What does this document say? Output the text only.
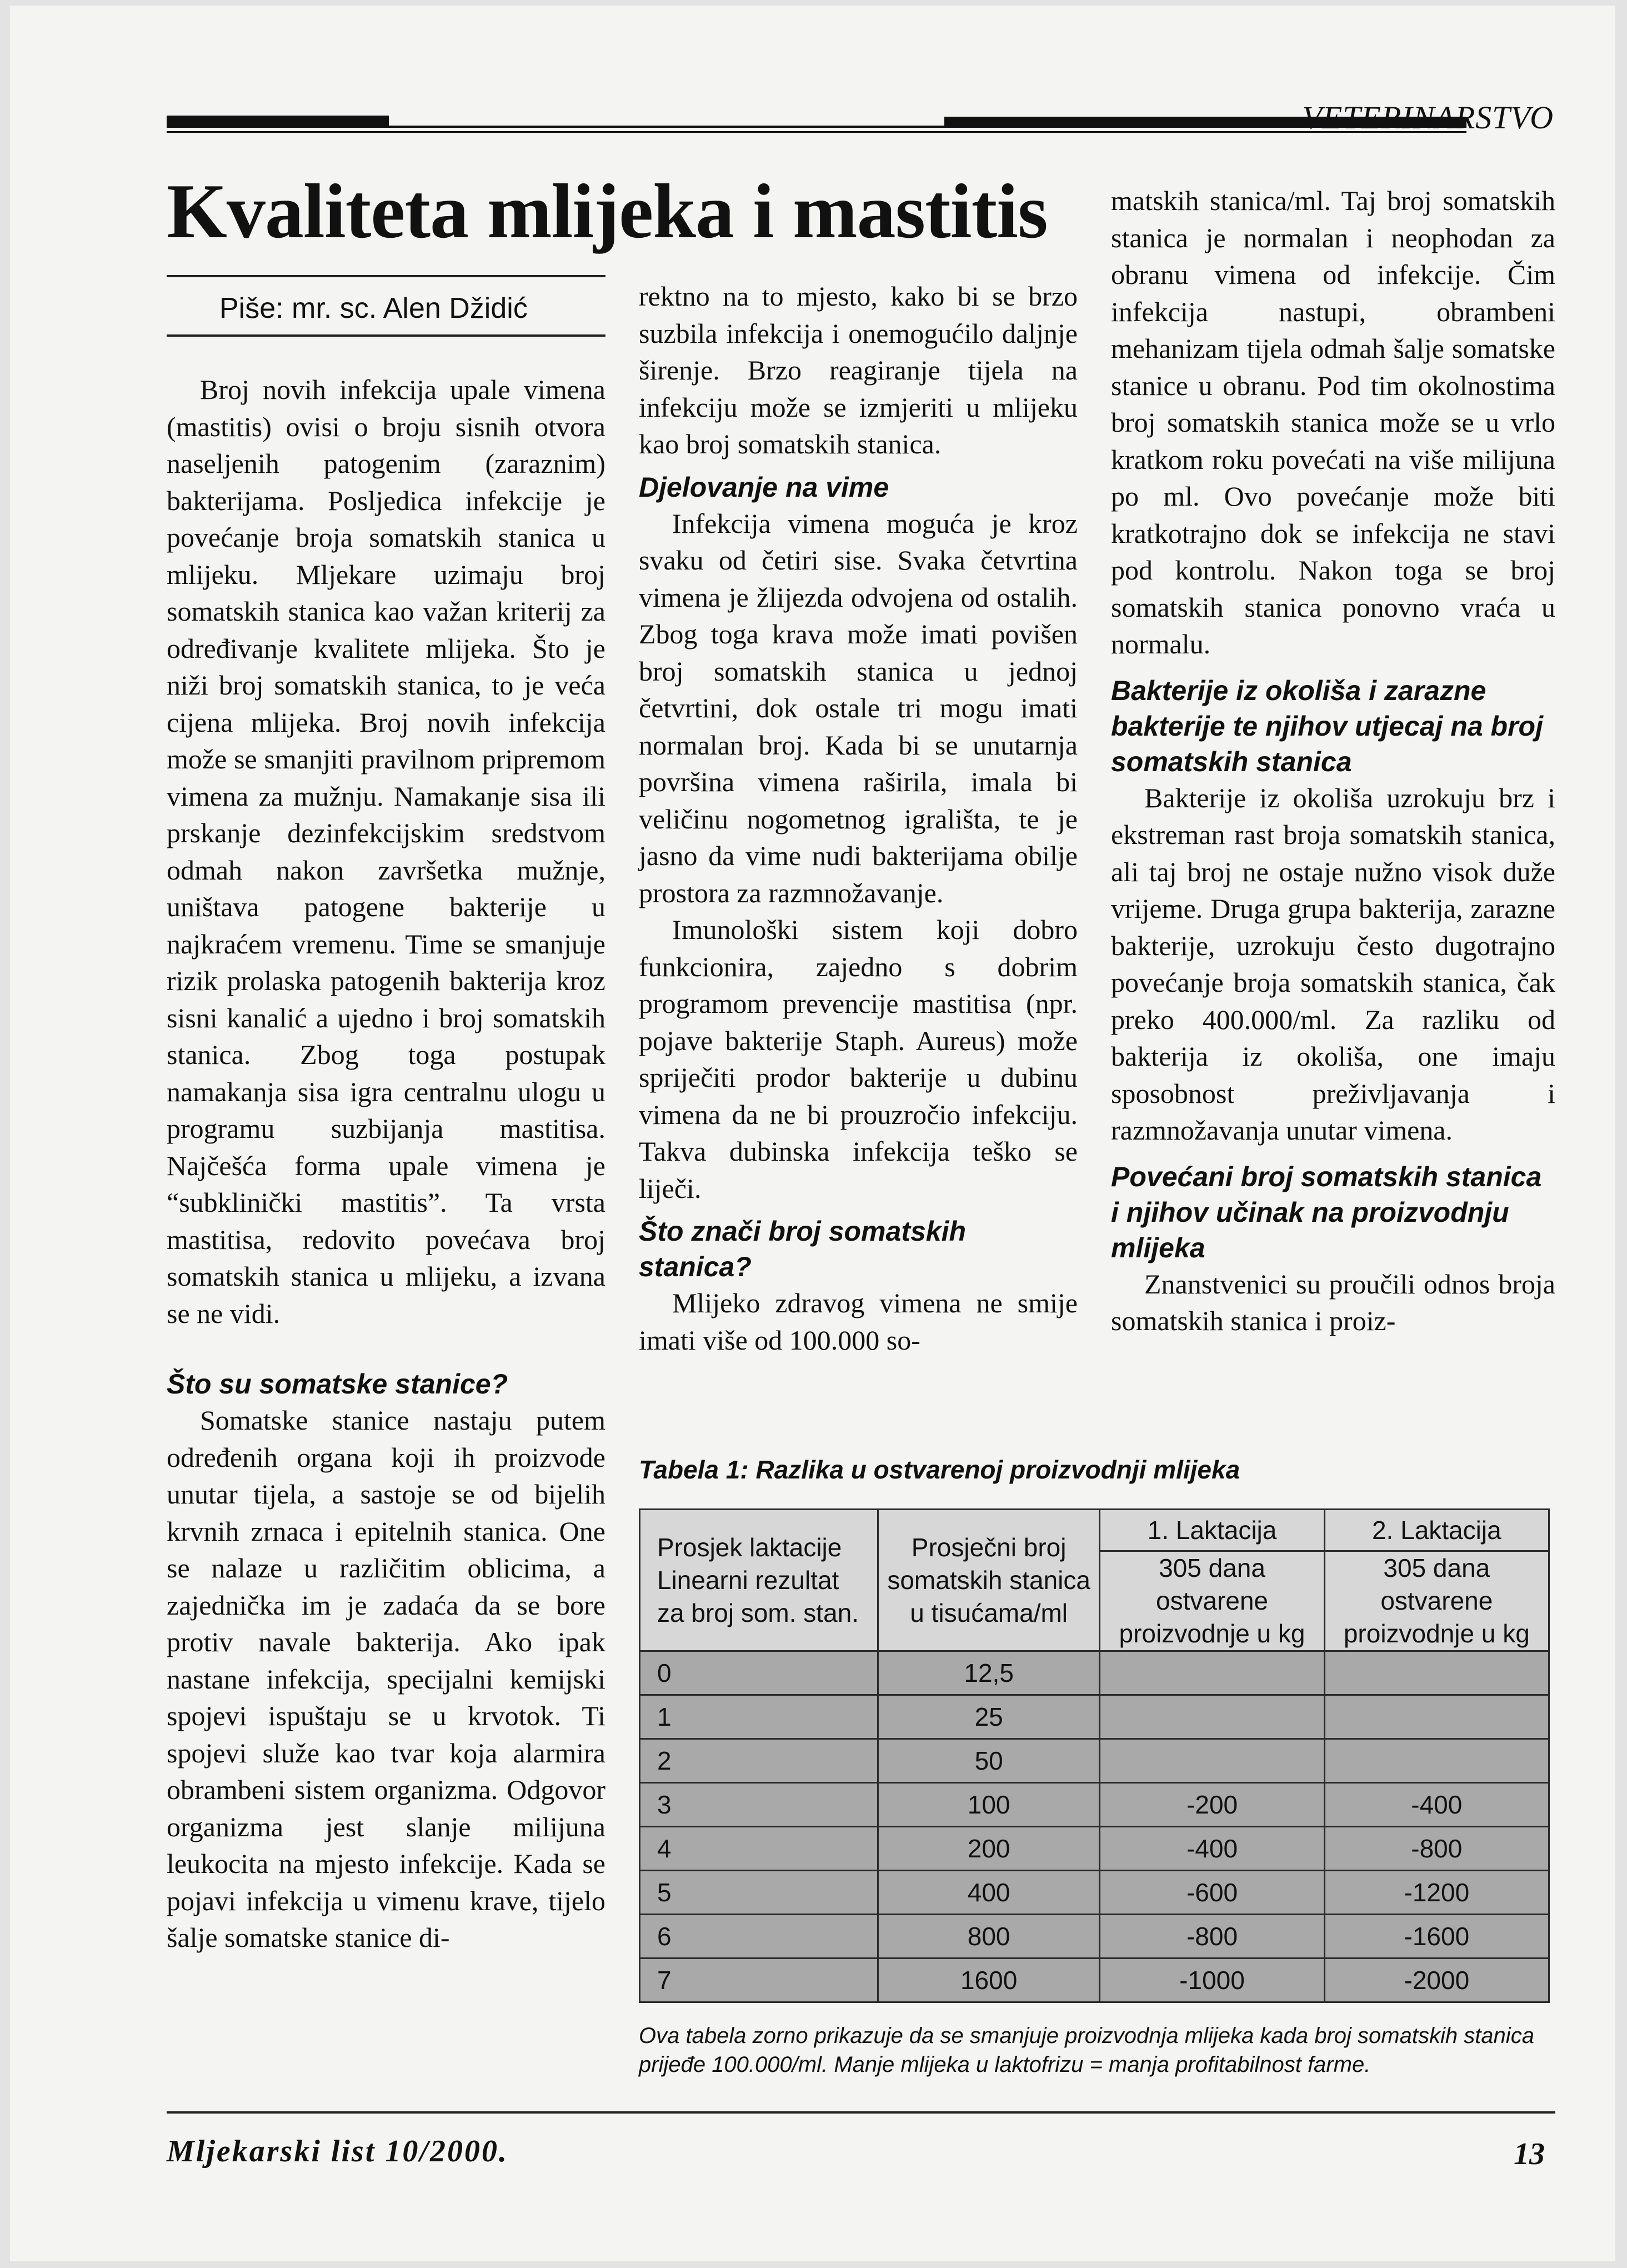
VETERINARSTVO
Kvaliteta mlijeka i mastitis
Piše: mr. sc. Alen Džidić

Broj novih infekcija upale vimena (mastitis) ovisi o broju sisnih otvora naseljenih patogenim (zaraznim) bakterijama. Posljedica infekcije je povećanje broja somatskih stanica u mlijeku. Mljekare uzimaju broj somatskih stanica kao važan kriterij za određivanje kvalitete mlijeka. Što je niži broj somatskih stanica, to je veća cijena mlijeka. Broj novih infekcija može se smanjiti pravilnom pripremom vimena za mužnju. Namakanje sisa ili prskanje dezinfekcijskim sredstvom odmah nakon završetka mužnje, uništava patogene bakterije u najkraćem vremenu. Time se smanjuje rizik prolaska patogenih bakterija kroz sisni kanalić a ujedno i broj somatskih stanica. Zbog toga postupak namakanja sisa igra centralnu ulogu u programu suzbijanja mastitisa. Najčešća forma upale vimena je “subklinički mastitis”. Ta vrsta mastitisa, redovito povećava broj somatskih stanica u mlijeku, a izvana se ne vidi.

Što su somatske stanice?

Somatske stanice nastaju putem određenih organa koji ih proizvode unutar tijela, a sastoje se od bijelih krvnih zrnaca i epitelnih stanica. One se nalaze u različitim oblicima, a zajednička im je zadaća da se bore protiv navale bakterija. Ako ipak nastane infekcija, specijalni kemijski spojevi ispuštaju se u krvotok. Ti spojevi služe kao tvar koja alarmira obrambeni sistem organizma. Odgovor organizma jest slanje milijuna leukocita na mjesto infekcije. Kada se pojavi infekcija u vimenu krave, tijelo šalje somatske stanice di-

rektno na to mjesto, kako bi se brzo suzbila infekcija i onemogućilo daljnje širenje. Brzo reagiranje tijela na infekciju može se izmjeriti u mlijeku kao broj somatskih stanica.

Djelovanje na vime

Infekcija vimena moguća je kroz svaku od četiri sise. Svaka četvrtina vimena je žlijezda odvojena od ostalih. Zbog toga krava može imati povišen broj somatskih stanica u jednoj četvrtini, dok ostale tri mogu imati normalan broj. Kada bi se unutarnja površina vimena raširila, imala bi veličinu nogometnog igrališta, te je jasno da vime nudi bakterijama obilje prostora za razmnožavanje.

Imunološki sistem koji dobro funkcionira, zajedno s dobrim programom prevencije mastitisa (npr. pojave bakterije Staph. Aureus) može spriječiti prodor bakterije u dubinu vimena da ne bi prouzročio infekciju. Takva dubinska infekcija teško se liječi.

Što znači broj somatskih stanica?

Mlijeko zdravog vimena ne smije imati više od 100.000 so-

matskih stanica/ml. Taj broj somatskih stanica je normalan i neophodan za obranu vimena od infekcije. Čim infekcija nastupi, obrambeni mehanizam tijela odmah šalje somatske stanice u obranu. Pod tim okolnostima broj somatskih stanica može se u vrlo kratkom roku povećati na više milijuna po ml. Ovo povećanje može biti kratkotrajno dok se infekcija ne stavi pod kontrolu. Nakon toga se broj somatskih stanica ponovno vraća u normalu.

Bakterije iz okoliša i zarazne bakterije te njihov utjecaj na broj somatskih stanica

Bakterije iz okoliša uzrokuju brz i ekstreman rast broja somatskih stanica, ali taj broj ne ostaje nužno visok duže vrijeme. Druga grupa bakterija, zarazne bakterije, uzrokuju često dugotrajno povećanje broja somatskih stanica, čak preko 400.000/ml. Za razliku od bakterija iz okoliša, one imaju sposobnost preživljavanja i razmnožavanja unutar vimena.

Povećani broj somatskih stanica i njihov učinak na proizvodnju mlijeka

Znanstvenici su proučili odnos broja somatskih stanica i proiz-

Tabela 1: Razlika u ostvarenoj proizvodnji mlijeka
Prosjek laktacije Linearni rezultat za broj som. stan.	Prosječni broj somatskih stanica u tisućama/ml	1. Laktacija	2. Laktacija
		305 dana ostvarene proizvodnje u kg	305 dana ostvarene proizvodnje u kg
0	12,5		
1	25		
2	50		
3	100	-200	-400
4	200	-400	-800
5	400	-600	-1200
6	800	-800	-1600
7	1600	-1000	-2000
Ova tabela zorno prikazuje da se smanjuje proizvodnja mlijeka kada broj somatskih stanica prijeđe 100.000/ml. Manje mlijeka u laktofrizu = manja profitabilnost farme.
Mljekarski list 10/2000.	13
